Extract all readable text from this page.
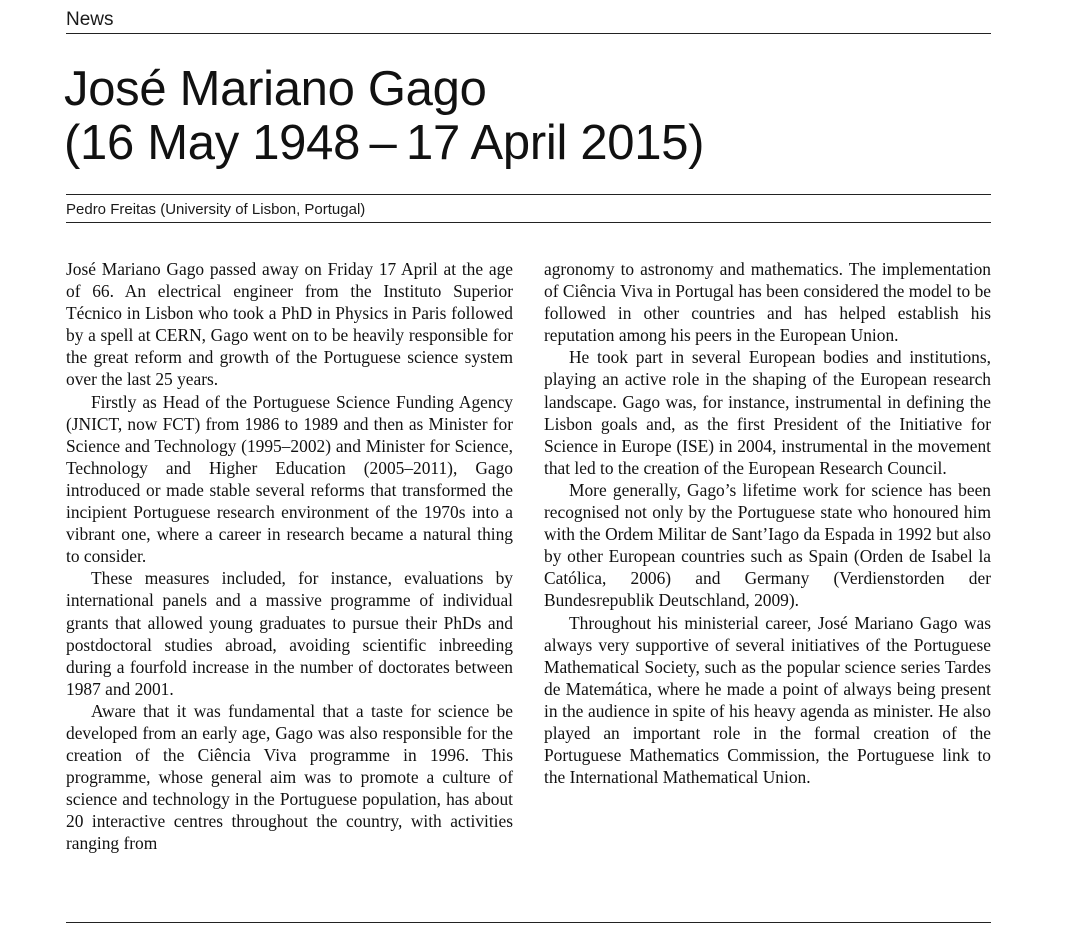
News
José Mariano Gago
(16 May 1948 – 17 April 2015)
Pedro Freitas (University of Lisbon, Portugal)

José Mariano Gago passed away on Friday 17 April at the age of 66. An electrical engineer from the Instituto Superior Técnico in Lisbon who took a PhD in Physics in Paris followed by a spell at CERN, Gago went on to be heavily responsible for the great reform and growth of the Portuguese science system over the last 25 years.

Firstly as Head of the Portuguese Science Funding Agency (JNICT, now FCT) from 1986 to 1989 and then as Minister for Science and Technology (1995–2002) and Minister for Science, Technology and Higher Education (2005–2011), Gago introduced or made stable several reforms that transformed the incipient Portuguese research environment of the 1970s into a vibrant one, where a career in research became a natural thing to consider.

These measures included, for instance, evaluations by international panels and a massive programme of individual grants that allowed young graduates to pursue their PhDs and postdoctoral studies abroad, avoiding scientific inbreeding during a fourfold increase in the number of doctorates between 1987 and 2001.

Aware that it was fundamental that a taste for science be developed from an early age, Gago was also responsible for the creation of the Ciência Viva programme in 1996. This programme, whose general aim was to promote a culture of science and technology in the Portuguese population, has about 20 interactive centres throughout the country, with activities ranging from

agronomy to astronomy and mathematics. The implementation of Ciência Viva in Portugal has been considered the model to be followed in other countries and has helped establish his reputation among his peers in the European Union.

He took part in several European bodies and institutions, playing an active role in the shaping of the European research landscape. Gago was, for instance, instrumental in defining the Lisbon goals and, as the first President of the Initiative for Science in Europe (ISE) in 2004, instrumental in the movement that led to the creation of the European Research Council.

More generally, Gago’s lifetime work for science has been recognised not only by the Portuguese state who honoured him with the Ordem Militar de Sant’Iago da Espada in 1992 but also by other European countries such as Spain (Orden de Isabel la Católica, 2006) and Germany (Verdienstorden der Bundesrepublik Deutschland, 2009).

Throughout his ministerial career, José Mariano Gago was always very supportive of several initiatives of the Portuguese Mathematical Society, such as the popular science series Tardes de Matemática, where he made a point of always being present in the audience in spite of his heavy agenda as minister. He also played an important role in the formal creation of the Portuguese Mathematics Commission, the Portuguese link to the International Mathematical Union.
